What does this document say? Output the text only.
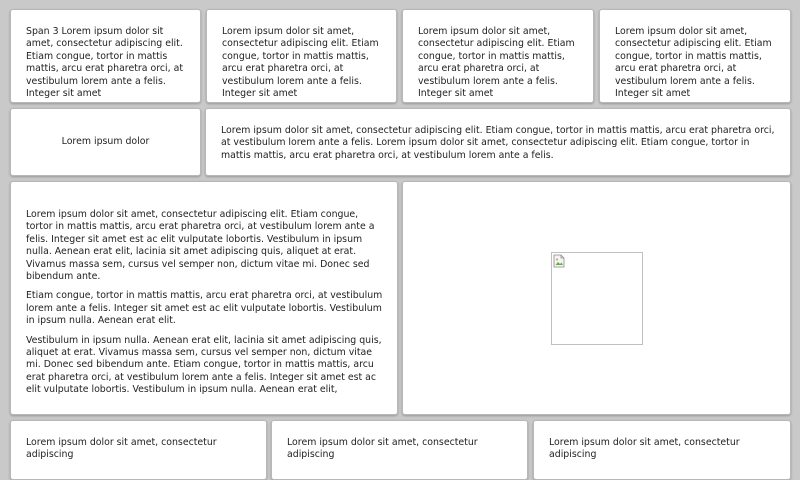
Span 3 Lorem ipsum dolor sit amet, consectetur adipiscing elit. Etiam congue, tortor in mattis mattis, arcu erat pharetra orci, at vestibulum lorem ante a felis. Integer sit amet
Lorem ipsum dolor sit amet, consectetur adipiscing elit. Etiam congue, tortor in mattis mattis, arcu erat pharetra orci, at vestibulum lorem ante a felis. Integer sit amet
Lorem ipsum dolor sit amet, consectetur adipiscing elit. Etiam congue, tortor in mattis mattis, arcu erat pharetra orci, at vestibulum lorem ante a felis. Integer sit amet
Lorem ipsum dolor sit amet, consectetur adipiscing elit. Etiam congue, tortor in mattis mattis, arcu erat pharetra orci, at vestibulum lorem ante a felis. Integer sit amet
Lorem ipsum dolor
Lorem ipsum dolor sit amet, consectetur adipiscing elit. Etiam congue, tortor in mattis mattis, arcu erat pharetra orci, at vestibulum lorem ante a felis. Lorem ipsum dolor sit amet, consectetur adipiscing elit. Etiam congue, tortor in mattis mattis, arcu erat pharetra orci, at vestibulum lorem ante a felis.

Lorem ipsum dolor sit amet, consectetur adipiscing elit. Etiam congue, tortor in mattis mattis, arcu erat pharetra orci, at vestibulum lorem ante a felis. Integer sit amet est ac elit vulputate lobortis. Vestibulum in ipsum nulla. Aenean erat elit, lacinia sit amet adipiscing quis, aliquet at erat. Vivamus massa sem, cursus vel semper non, dictum vitae mi. Donec sed bibendum ante.

Etiam congue, tortor in mattis mattis, arcu erat pharetra orci, at vestibulum lorem ante a felis. Integer sit amet est ac elit vulputate lobortis. Vestibulum in ipsum nulla. Aenean erat elit.

Vestibulum in ipsum nulla. Aenean erat elit, lacinia sit amet adipiscing quis, aliquet at erat. Vivamus massa sem, cursus vel semper non, dictum vitae mi. Donec sed bibendum ante. Etiam congue, tortor in mattis mattis, arcu erat pharetra orci, at vestibulum lorem ante a felis. Integer sit amet est ac elit vulputate lobortis. Vestibulum in ipsum nulla. Aenean erat elit,

Lorem ipsum dolor sit amet, consectetur adipiscing
Lorem ipsum dolor sit amet, consectetur adipiscing
Lorem ipsum dolor sit amet, consectetur adipiscing
